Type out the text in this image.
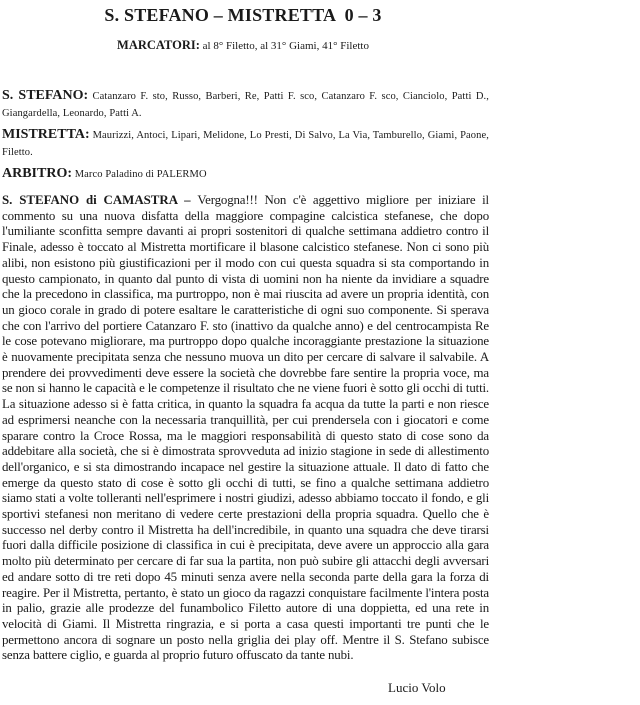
S. STEFANO – MISTRETTA  0 – 3

MARCATORI: al 8° Filetto, al 31° Giami, 41° Filetto

S. STEFANO: Catanzaro F. sto, Russo, Barberi, Re, Patti F. sco, Catanzaro F. sco, Cianciolo, Patti D., Giangardella, Leonardo, Patti A.

MISTRETTA: Maurizzi, Antoci, Lipari, Melidone, Lo Presti, Di Salvo, La Via, Tamburello, Giami, Paone, Filetto.

ARBITRO: Marco Paladino di PALERMO

S. STEFANO di CAMASTRA – Vergogna!!! Non c'è aggettivo migliore per iniziare il commento su una nuova disfatta della maggiore compagine calcistica stefanese, che dopo l'umiliante sconfitta sempre davanti ai propri sostenitori di qualche settimana addietro contro il Finale, adesso è toccato al Mistretta mortificare il blasone calcistico stefanese. Non ci sono più alibi, non esistono più giustificazioni per il modo con cui questa squadra si sta comportando in questo campionato, in quanto dal punto di vista di uomini non ha niente da invidiare a squadre che la precedono in classifica, ma purtroppo, non è mai riuscita ad avere un propria identità, con un gioco corale in grado di potere esaltare le caratteristiche di ogni suo componente. Si sperava che con l'arrivo del portiere Catanzaro F. sto (inattivo da qualche anno) e del centrocampista Re le cose potevano migliorare, ma purtroppo dopo qualche incoraggiante prestazione la situazione è nuovamente precipitata senza che nessuno muova un dito per cercare di salvare il salvabile. A prendere dei provvedimenti deve essere la società che dovrebbe fare sentire la propria voce, ma se non si hanno le capacità e le competenze il risultato che ne viene fuori è sotto gli occhi di tutti. La situazione adesso si è fatta critica, in quanto la squadra fa acqua da tutte la parti e non riesce ad esprimersi neanche con la necessaria tranquillità, per cui prendersela con i giocatori e come sparare contro la Croce Rossa, ma le maggiori responsabilità di questo stato di cose sono da addebitare alla società, che si è dimostrata sprovveduta ad inizio stagione in sede di allestimento dell'organico, e si sta dimostrando incapace nel gestire la situazione attuale. Il dato di fatto che emerge da questo stato di cose è sotto gli occhi di tutti, se fino a qualche settimana addietro siamo stati a volte tolleranti nell'esprimere i nostri giudizi, adesso abbiamo toccato il fondo, e gli sportivi stefanesi non meritano di vedere certe prestazioni della propria squadra. Quello che è successo nel derby contro il Mistretta ha dell'incredibile, in quanto una squadra che deve tirarsi fuori dalla difficile posizione di classifica in cui è precipitata, deve avere un approccio alla gara molto più determinato per cercare di far sua la partita, non può subire gli attacchi degli avversari ed andare sotto di tre reti dopo 45 minuti senza avere nella seconda parte della gara la forza di reagire. Per il Mistretta, pertanto, è stato un gioco da ragazzi conquistare facilmente l'intera posta in palio, grazie alle prodezze del funambolico Filetto autore di una doppietta, ed una rete in velocità di Giami. Il Mistretta ringrazia, e si porta a casa questi importanti tre punti che le permettono ancora di sognare un posto nella griglia dei play off. Mentre il S. Stefano subisce senza battere ciglio, e guarda al proprio futuro offuscato da tante nubi.

Lucio Volo
